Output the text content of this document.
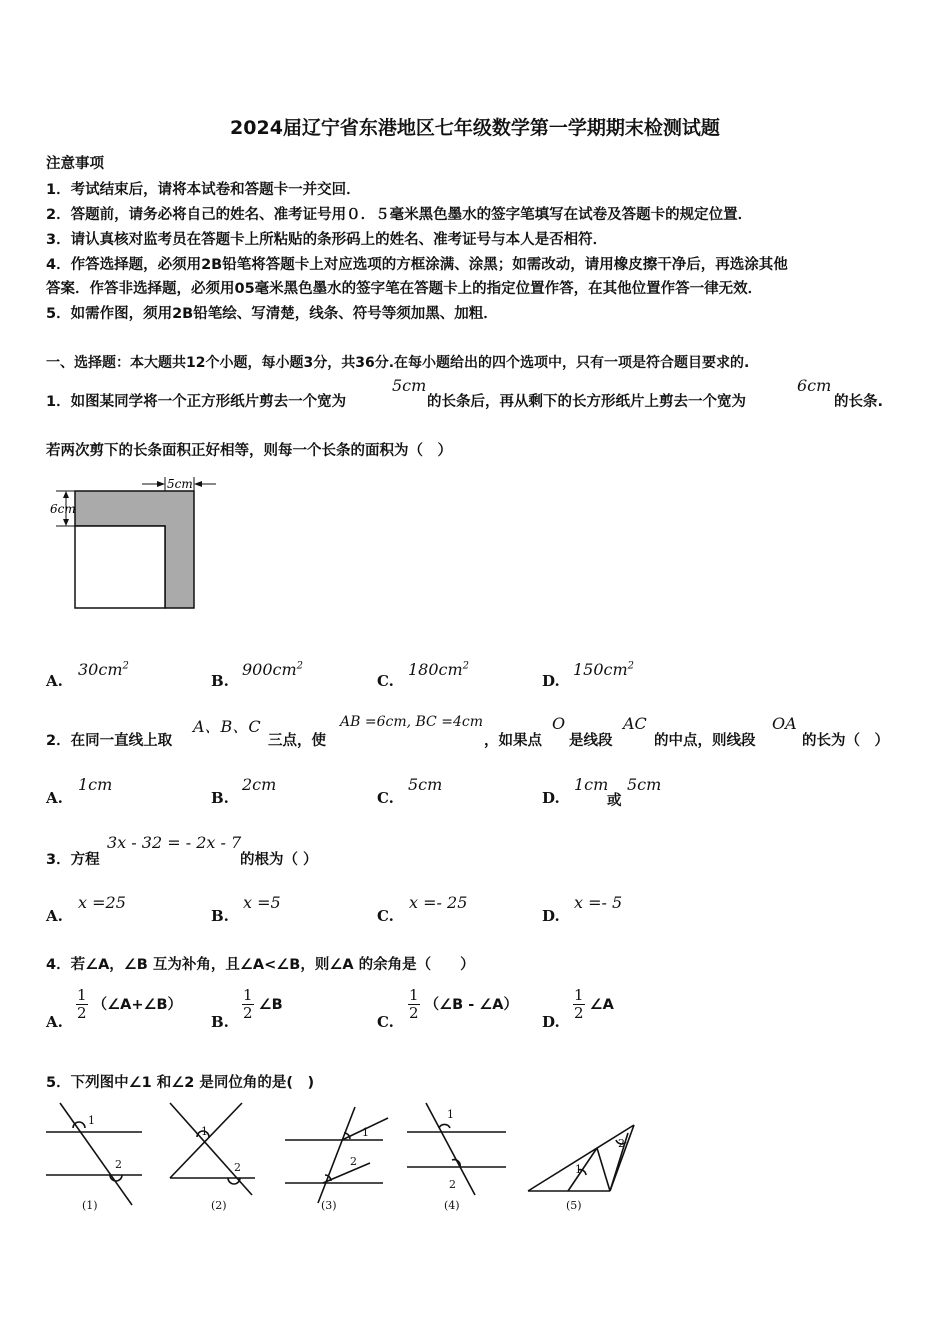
2024届辽宁省东港地区七年级数学第一学期期末检测试题
注意事项
1．考试结束后，请将本试卷和答题卡一并交回．
2．答题前，请务必将自己的姓名、准考证号用０．５毫米黑色墨水的签字笔填写在试卷及答题卡的规定位置．
3．请认真核对监考员在答题卡上所粘贴的条形码上的姓名、准考证号与本人是否相符．
4．作答选择题，必须用2B铅笔将答题卡上对应选项的方框涂满、涂黑；如需改动，请用橡皮擦干净后，再选涂其他
答案．作答非选择题，必须用05毫米黑色墨水的签字笔在答题卡上的指定位置作答，在其他位置作答一律无效．
5．如需作图，须用2B铅笔绘、写清楚，线条、符号等须加黑、加粗．
一、选择题：本大题共12个小题，每小题3分，共36分.在每小题给出的四个选项中，只有一项是符合题目要求的.
1．如图某同学将一个正方形纸片剪去一个宽为
5cm
的长条后，再从剩下的长方形纸片上剪去一个宽为
6cm
的长条.
若两次剪下的长条面积正好相等，则每一个长条的面积为（　）
5cm
6cm
A.
$30cm^2$
B.
$900cm^2$
C.
$180cm^2$
D.
$150cm^2$
2．在同一直线上取
A、B、C
三点，使
AB =6cm, BC =4cm
，如果点
O
是线段
AC
的中点，则线段
OA
的长为（　）
A.
1cm
B.
2cm
C.
5cm
D.
1cm
或
5cm
3．方程
3x - 32 = - 2x - 7
的根为（ ）
A.
x =25
B.
x =5
C.
x =- 25
D.
x =- 5
4．若∠A，∠B 互为补角，且∠A<∠B，则∠A 的余角是（　　）
A. $\frac{1}{2}$ （∠A+∠B）
B. $\frac{1}{2}$ ∠B
C. $\frac{1}{2}$ （∠B - ∠A）
D. $\frac{1}{2}$ ∠A
5．下列图中∠1 和∠2 是同位角的是(　)
1
2
1
2
1
2
1
2
1
2
(1)	(2)	(3)	(4)	(5)
